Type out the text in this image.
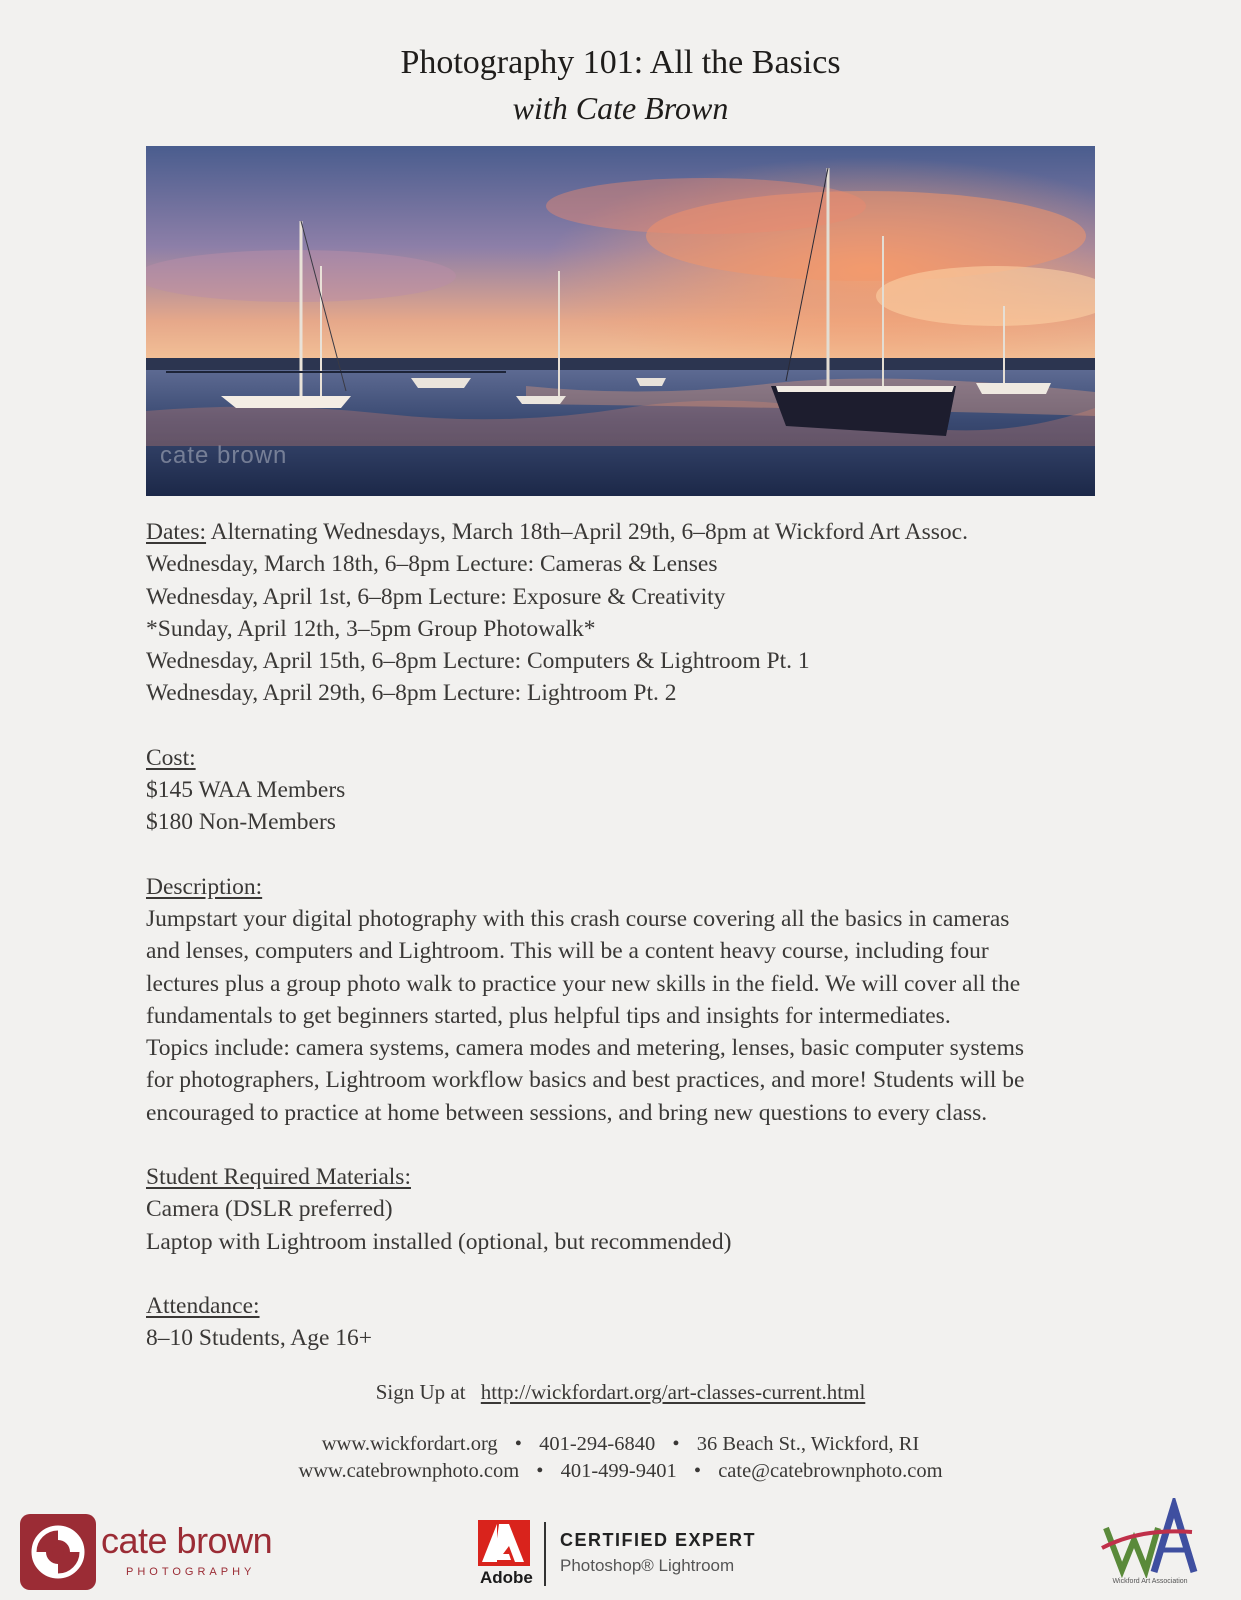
Photography 101: All the Basics
with Cate Brown
cate brown

Dates: Alternating Wednesdays, March 18th–April 29th, 6–8pm at Wickford Art Assoc.

Wednesday, March 18th, 6–8pm Lecture: Cameras & Lenses

Wednesday, April 1st, 6–8pm Lecture: Exposure & Creativity

*Sunday, April 12th, 3–5pm Group Photowalk*

Wednesday, April 15th, 6–8pm Lecture: Computers & Lightroom Pt. 1

Wednesday, April 29th, 6–8pm Lecture: Lightroom Pt. 2

Cost:

$145 WAA Members

$180 Non-Members

Description:

Jumpstart your digital photography with this crash course covering all the basics in cameras

and lenses, computers and Lightroom. This will be a content heavy course, including four

lectures plus a group photo walk to practice your new skills in the field. We will cover all the

fundamentals to get beginners started, plus helpful tips and insights for intermediates.

Topics include: camera systems, camera modes and metering, lenses, basic computer systems

for photographers, Lightroom workflow basics and best practices, and more! Students will be

encouraged to practice at home between sessions, and bring new questions to every class.

Student Required Materials:

Camera (DSLR preferred)

Laptop with Lightroom installed (optional, but recommended)

Attendance:

8–10 Students, Age 16+

Sign Up at http://wickfordart.org/art-classes-current.html
www.wickfordart.org • 401-294-6840 • 36 Beach St., Wickford, RI
www.catebrownphoto.com • 401-499-9401 • cate@catebrownphoto.com
cate brown
PHOTOGRAPHY	Adobe
CERTIFIED EXPERT
Photoshop® Lightroom
Wickford Art Association
